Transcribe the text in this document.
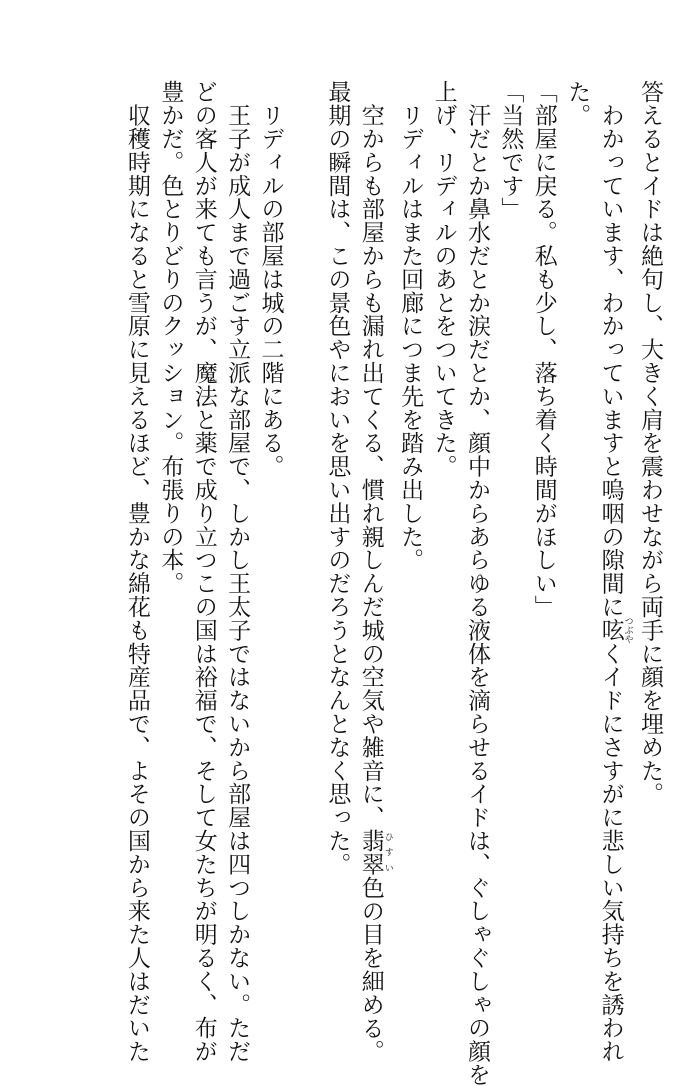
答えるとイドは絶句し、大きく肩を震わせながら両手に顔を埋めた。

　わかっています、わかっていますと嗚咽の隙間に呟 つぶやくイドにさすがに悲しい気持ちを誘われ

た。

「部屋に戻る。私も少し、落ち着く時間がほしい」

「当然です」

　汗だとか鼻水だとか涙だとか、顔中からあらゆる液体を滴らせるイドは、ぐしゃぐしゃの顔を

上げ、リディルのあとをついてきた。

　リディルはまた回廊につま先を踏み出した。

　空からも部屋からも漏れ出てくる、慣れ親しんだ城の空気や雑音に、翡翠 ひすい色の目を細める。

最期の瞬間は、この景色やにおいを思い出すのだろうとなんとなく思った。

　リディルの部屋は城の二階にある。

　王子が成人まで過ごす立派な部屋で、しかし王太子ではないから部屋は四つしかない。ただ

どの客人が来ても言うが、魔法と薬で成り立つこの国は裕福で、そして女たちが明るく、布が

豊かだ。色とりどりのクッション。布張りの本。

　収穫時期になると雪原に見えるほど、豊かな綿花も特産品で、よその国から来た人はだいた
